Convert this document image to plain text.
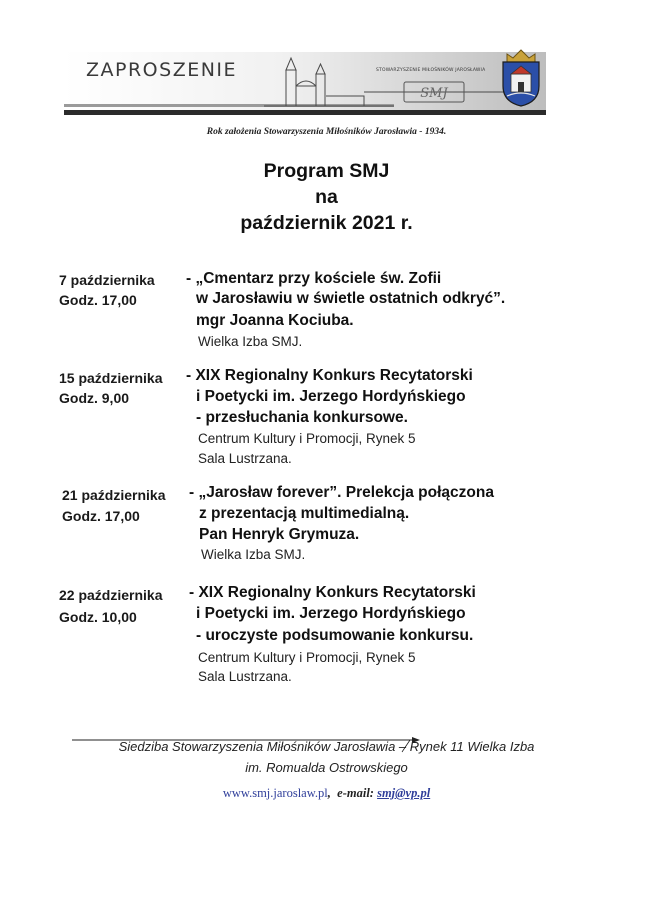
SMJ
ZAPROSZENIE	STOWARZYSZENIE MIŁOŚNIKÓW JAROSŁAWIA
Rok założenia Stowarzyszenia Miłośników Jarosławia - 1934.
Program SMJ
na
październik 2021 r.
7 października
Godz. 17,00
- „Cmentarz przy kościele św. Zofii
w Jarosławiu w świetle ostatnich odkryć”.
mgr Joanna Kociuba.
Wielka Izba SMJ.
15 października
Godz. 9,00
- XIX Regionalny Konkurs Recytatorski
i Poetycki im. Jerzego Hordyńskiego
- przesłuchania konkursowe.
Centrum Kultury i Promocji, Rynek 5
Sala Lustrzana.
21 października
Godz. 17,00
- „Jarosław forever”. Prelekcja połączona
z prezentacją multimedialną.
Pan Henryk Grymuza.
Wielka Izba SMJ.
22 października
Godz. 10,00
- XIX Regionalny Konkurs Recytatorski
i Poetycki im. Jerzego Hordyńskiego
- uroczyste podsumowanie konkursu.
Centrum Kultury i Promocji, Rynek 5
Sala Lustrzana.
Siedziba Stowarzyszenia Miłośników Jarosławia – Rynek 11 Wielka Izba
im. Romualda Ostrowskiego
www.smj.jaroslaw.pl, e-mail: smj@vp.pl
